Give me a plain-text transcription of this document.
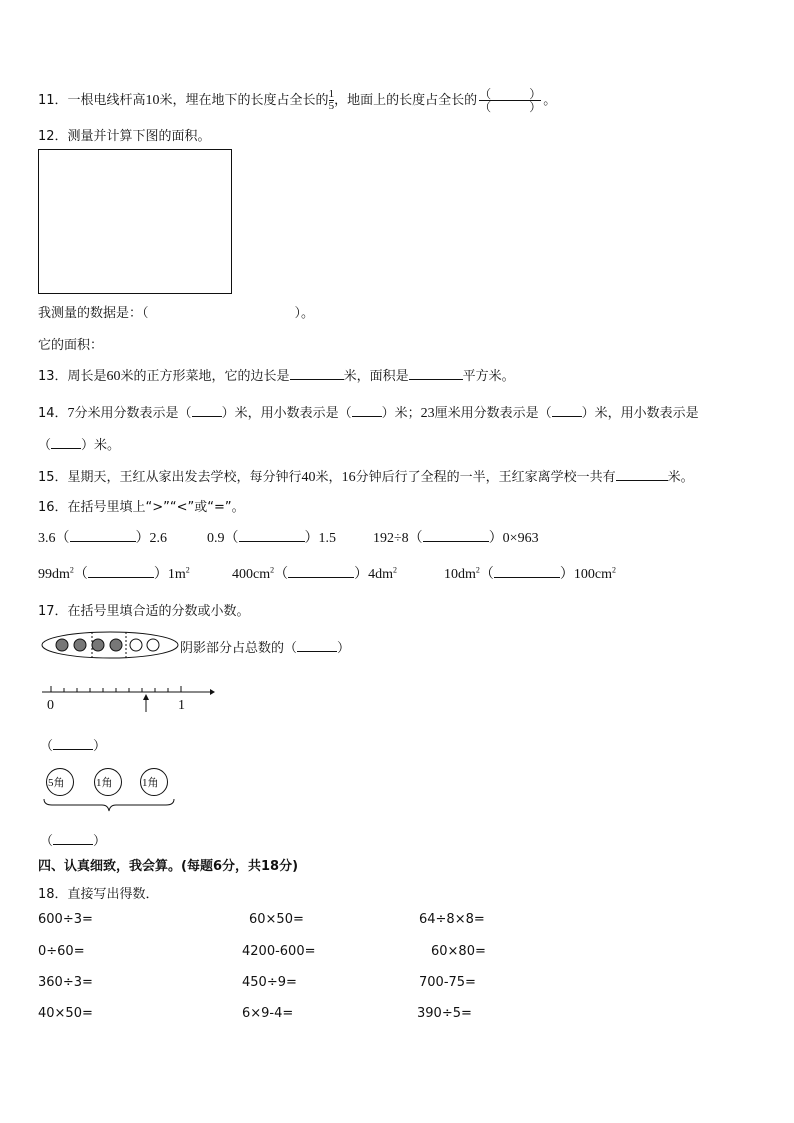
11．一根电线杆高10米，埋在地下的长度占全长的 $\frac{1}{5}$ ，地面上的长度占全长的 $\frac{( )}{( )}$ 。
12．测量并计算下图的面积。
我测量的数据是：（	）。
它的面积：
13．周长是60米的正方形菜地，它的边长是	米，面积是	平方米。
14．7分米用分数表示是（ ）米，用小数表示是（ ）米；23厘米用分数表示是（ ）米，用小数表示是
（ ）米。
15．星期天，王红从家出发去学校，每分钟行40米，16分钟后行了全程的一半，王红家离学校一共有	米。
16．在括号里填上“>”“<”或“=”。
3.6（	）2.6	0.9（	）1.5	192÷8（	）0×963
$99dm^2$（	）$1m^2$	$400cm^2$（	）$4dm^2$	$10dm^2$（	）$100cm^2$
17．在括号里填合适的分数或小数。
阴影部分占总数的（	）
0	1
（	）
5角	1角	1角
（	）
四、认真细致，我会算。(每题6分，共18分)
18．直接写出得数．
600÷3=	60×50=	64÷8×8=
0÷60=	4200-600=	60×80=
360÷3=	450÷9=	700-75=
40×50=	6×9-4=	390÷5=
